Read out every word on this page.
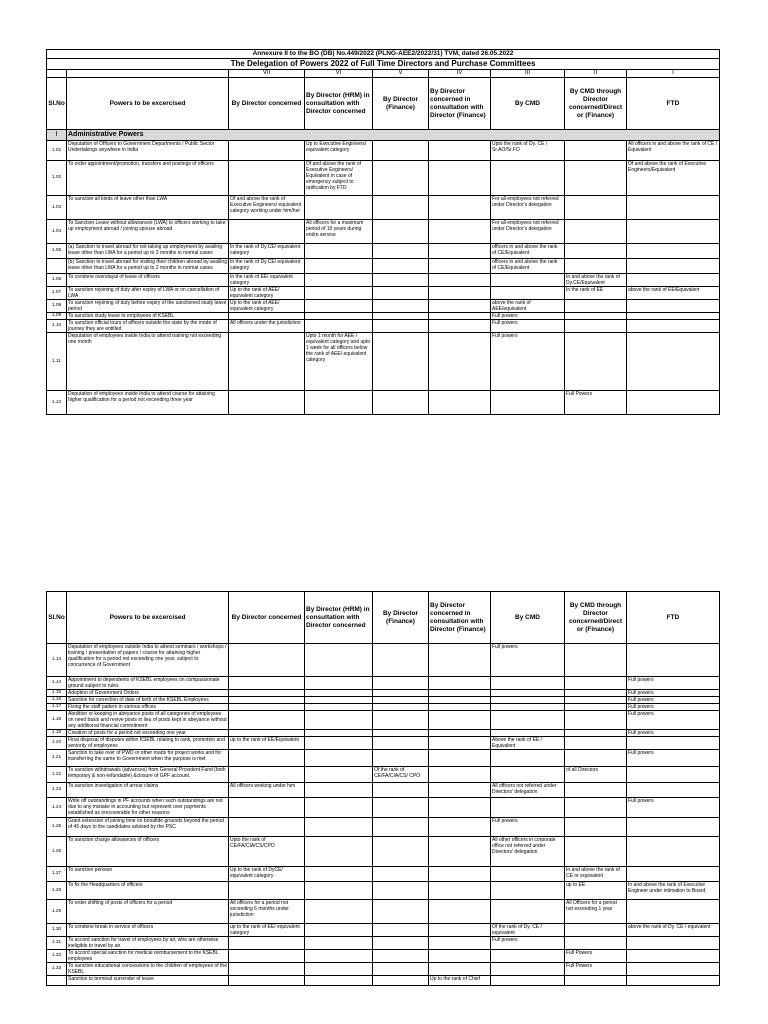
Annexure II to the BO (DB) No.449/2022 (PLNG-AEE2/2022/31) TVM, dated 26.05.2022								
The Delegation of Powers 2022 of Full Time Directors and Purchase Committees								
		VII	VI	V	IV	III	II	I
Sl.No	Powers to be excercised	By Director concerned	By Director (HRM) in consultation with Director concerned	By Director (Finance)	By Director concerned in consultation with Director (Finance)	By CMD	By CMD through Director concerned/Direct or (Finance)	FTD
I	Administrative Powers							
1.01	Deputation of Officers to Government Departments / Public Sector Undertakings anywhere in India		Up to Executive Engineers/ equivalent category			Upto the rank of Dy. CE / Sr.AO/Sr.FO		All officers in and above the rank of CE / Equivalent
1.02	To order appointment/promotion, transfers and postings of officers		Of and above the rank of Executive Engineers/ Equivalent in case of emergency subject to ratification by FTD					Of and above the rank of Executive Engineers/Equivalent
1.03	To sanction all kinds of leave other than LWA	Of and above the rank of Executive Engineers/ equivalent category working under him/her				For all employees not referred under Director's delegation		
1.04	To Sanction Leave without allowances (LWA) to officers working to take up employment abroad / joining spouse abroad		All officers for a maximum period of 10 years during entire service			For all employees not referred under Director's delegation		
1.05	(a) Sanction to travel abroad for not taking up employment by availing leave other than LWA for a period up to 2 months in normal cases	In the rank of Dy.CE/ equivalent category				officers in and above the rank of CE/Equivalent		
	(b) Sanction to travel abroad for visiting their children abroad by availing leave other than LWA for a period up to 2 months in normal cases	In the rank of Dy.CE/ equivalent category				officers in and above the rank of CE/Equivalent		
1.06	To condone overstayal of leave of officers	In the rank of EE/ equivalent category					In and above the rank of Dy.CE/Equivalent	
1.07	To sanction rejoining of duty after expiry of LWA or on cancellation of LWA	Up to the rank of AEE/ equivalent category					In the rank of EE	above the rank of EE/Equivalent
1.08	To sanction rejoining of duty before expiry of the sanctioned study leave period	Up to the rank of AEE/ equivalent category				above the rank of AEE/equivalent		
1.09	To sanction study leave to employees of KSEBL					Full powers		
1.10	To sanction official tours of officers outside the state by the mode of journey they are entitled	All officers under the jurisdiction				Full powers		
1.11	Deputation of employees inside India to attend training not exceeding one month		Upto 1 month for AEE / equivalent category and upto 1 week for all officers below the rank of AEE/ equivalent category			Full powers		
1.12	Deputation of employees inside India to attend course for attaining higher qualification for a period not exceeding three year						Full Powers	
Sl.No	Powers to be excercised	By Director concerned	By Director (HRM) in consultation with Director concerned	By Director (Finance)	By Director concerned in consultation with Director (Finance)	By CMD	By CMD through Director concerned/Direct or (Finance)	FTD
1.13	Deputation of employees outside India to attend seminars / workshops / training / presentation of papers / course for attaining higher qualification for a period not exceeding one year, subject to concurrence of Government					Full powers		
1.14	Appointment to dependents of KSEBL employees on compassionate ground subject to rules							Full powers
1.15	Adoption of Government Orders							Full powers
1.16	Sanction for correction of date of birth of the KSEBL Employees							Full powers
1.17	Fixing the staff pattern in various offices							Full powers
1.18	Abolition or keeping in abeyance posts of all categories of employees on need basis and revive posts in lieu of posts kept in abeyance without any additional financial commitment							Full powers
1.19	Creation of posts for a period not exceeding one year							Full powers
1.20	Final disposal of disputes within KSEBL relating to rank, promotion and seniority of employees	up to the rank of EE/Equivalent				Above the rank of EE / Equivalent		
1.21	Sanction to take over of PWD or other roads for project works and for transferring the same to Government when the purpose is met							Full powers
1.22	To sanction withdrawals (advances) from General Provident Fund (both temporary & non-refundable) &closure of GPF account.			Of the rank of CE/FA/CIA/CS/ CPO			of all Directors	
1.23	To sanction investigation of arrear claims	All officers working under him				All officers not referred under Directors' delegation		
1.24	Write off outstandings in PF accounts when such outstandings are not due to any mistake in accounting but represent over payments established as irrecoverable for other reasons							Full powers
1.25	Grant extension of joining time on bonafide grounds beyond the period of 45 days to the candidates advised by the PSC					Full powers		
1.26	To sanction charge allowances of officers	Upto the rank of CE/FA/CIA/CS/CPO				All other officers in corporate office not referred under Directors' delegation		
1.27	To sanction pension	Up to the rank of DyCE/ equivalent category					In and above the rank of CE or equivalent	
1.28	To fix the Headquarters of officers						up to EE	In and above the rank of Executive Engineer under intimation to Board
1.29	To order shifting of posts of officers for a period	All officers for a period not exceeding 6 months under jurisdiction					All Officers for a period not exceeding 1 year	
1.30	To condone break in service of officers	up to the rank of EE/ equivalent category				Of the rank of Dy. CE / equivalent		above the rank of Dy. CE / equivalent
1.31	To accord sanction for travel of employees by air, who are otherwise ineligible to travel by air					Full powers		
1.32	To accord special sanction for medical reimbursement to the KSEBL employees						Full Powers	
1.33	To sanction educational concessions to the children of employees of the KSEBL						Full Powers	
	Sanction to terminal surrender of leave				Up to the rank of Chief			
